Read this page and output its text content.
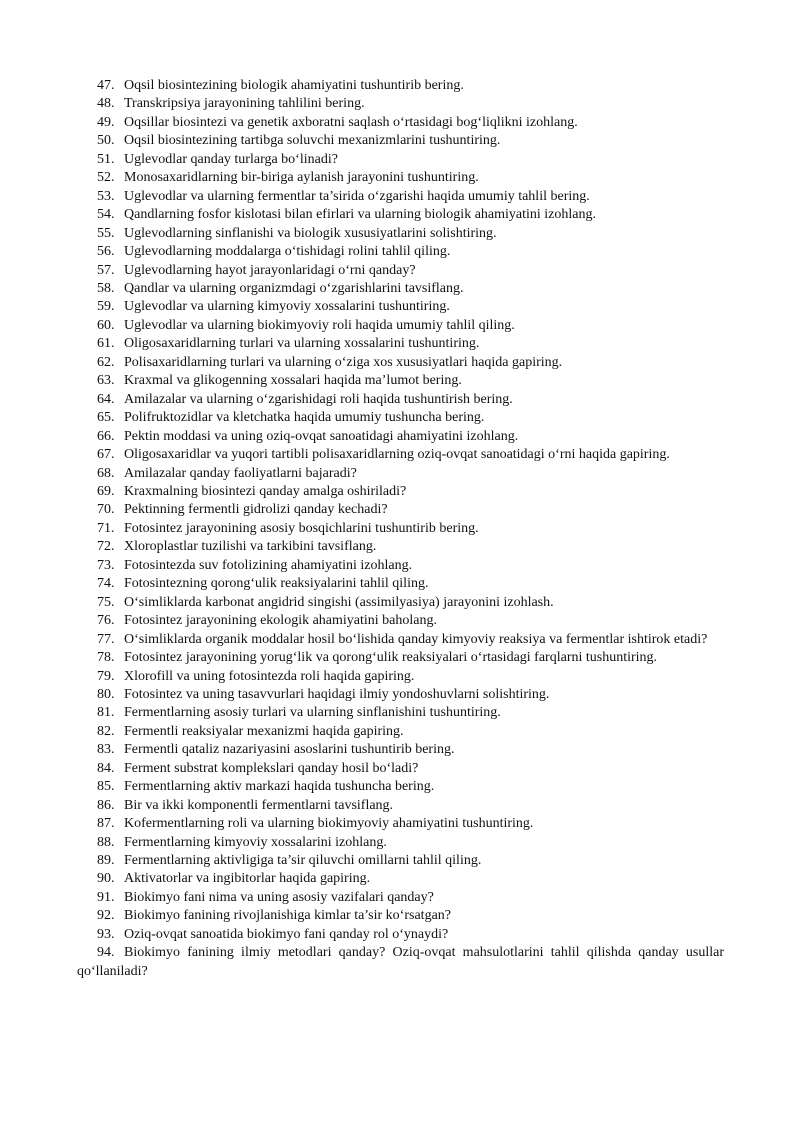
47. Oqsil biosintezining biologik ahamiyatini tushuntirib bering.
48. Transkripsiya jarayonining tahlilini bering.
49. Oqsillar biosintezi va genetik axboratni saqlash o‘rtasidagi bog‘liqlikni izohlang.
50. Oqsil biosintezining tartibga soluvchi mexanizmlarini tushuntiring.
51. Uglevodlar qanday turlarga bo‘linadi?
52. Monosaxaridlarning bir-biriga aylanish jarayonini tushuntiring.
53. Uglevodlar va ularning fermentlar ta’sirida o‘zgarishi haqida umumiy tahlil bering.
54. Qandlarning fosfor kislotasi bilan efirlari va ularning biologik ahamiyatini izohlang.
55. Uglevodlarning sinflanishi va biologik xususiyatlarini solishtiring.
56. Uglevodlarning moddalarga o‘tishidagi rolini tahlil qiling.
57. Uglevodlarning hayot jarayonlaridagi o‘rni qanday?
58. Qandlar va ularning organizmdagi o‘zgarishlarini tavsiflang.
59. Uglevodlar va ularning kimyoviy xossalarini tushuntiring.
60. Uglevodlar va ularning biokimyoviy roli haqida umumiy tahlil qiling.
61. Oligosaxaridlarning turlari va ularning xossalarini tushuntiring.
62. Polisaxaridlarning turlari va ularning o‘ziga xos xususiyatlari haqida gapiring.
63. Kraxmal va glikogenning xossalari haqida ma’lumot bering.
64. Amilazalar va ularning o‘zgarishidagi roli haqida tushuntirish bering.
65. Polifruktozidlar va kletchatka haqida umumiy tushuncha bering.
66. Pektin moddasi va uning oziq-ovqat sanoatidagi ahamiyatini izohlang.
67. Oligosaxaridlar va yuqori tartibli polisaxaridlarning oziq-ovqat sanoatidagi o‘rni haqida gapiring.
68. Amilazalar qanday faoliyatlarni bajaradi?
69. Kraxmalning biosintezi qanday amalga oshiriladi?
70. Pektinning fermentli gidrolizi qanday kechadi?
71. Fotosintez jarayonining asosiy bosqichlarini tushuntirib bering.
72. Xloroplastlar tuzilishi va tarkibini tavsiflang.
73. Fotosintezda suv fotolizining ahamiyatini izohlang.
74. Fotosintezning qorong‘ulik reaksiyalarini tahlil qiling.
75. O‘simliklarda karbonat angidrid singishi (assimilyasiya) jarayonini izohlash.
76. Fotosintez jarayonining ekologik ahamiyatini baholang.
77. O‘simliklarda organik moddalar hosil bo‘lishida qanday kimyoviy reaksiya va fermentlar ishtirok etadi?
78. Fotosintez jarayonining yorug‘lik va qorong‘ulik reaksiyalari o‘rtasidagi farqlarni tushuntiring.
79. Xlorofill va uning fotosintezda roli haqida gapiring.
80. Fotosintez va uning tasavvurlari haqidagi ilmiy yondoshuvlarni solishtiring.
81. Fermentlarning asosiy turlari va ularning sinflanishini tushuntiring.
82. Fermentli reaksiyalar mexanizmi haqida gapiring.
83. Fermentli qataliz nazariyasini asoslarini tushuntirib bering.
84. Ferment substrat komplekslari qanday hosil bo‘ladi?
85. Fermentlarning aktiv markazi haqida tushuncha bering.
86. Bir va ikki komponentli fermentlarni tavsiflang.
87. Kofermentlarning roli va ularning biokimyoviy ahamiyatini tushuntiring.
88. Fermentlarning kimyoviy xossalarini izohlang.
89. Fermentlarning aktivligiga ta’sir qiluvchi omillarni tahlil qiling.
90. Aktivatorlar va ingibitorlar haqida gapiring.
91. Biokimyo fani nima va uning asosiy vazifalari qanday?
92. Biokimyo fanining rivojlanishiga kimlar ta’sir ko‘rsatgan?
93. Oziq-ovqat sanoatida biokimyo fani qanday rol o‘ynaydi?
94. Biokimyo fanining ilmiy metodlari qanday? Oziq-ovqat mahsulotlarini tahlil qilishda qanday usullar qo‘llaniladi?
